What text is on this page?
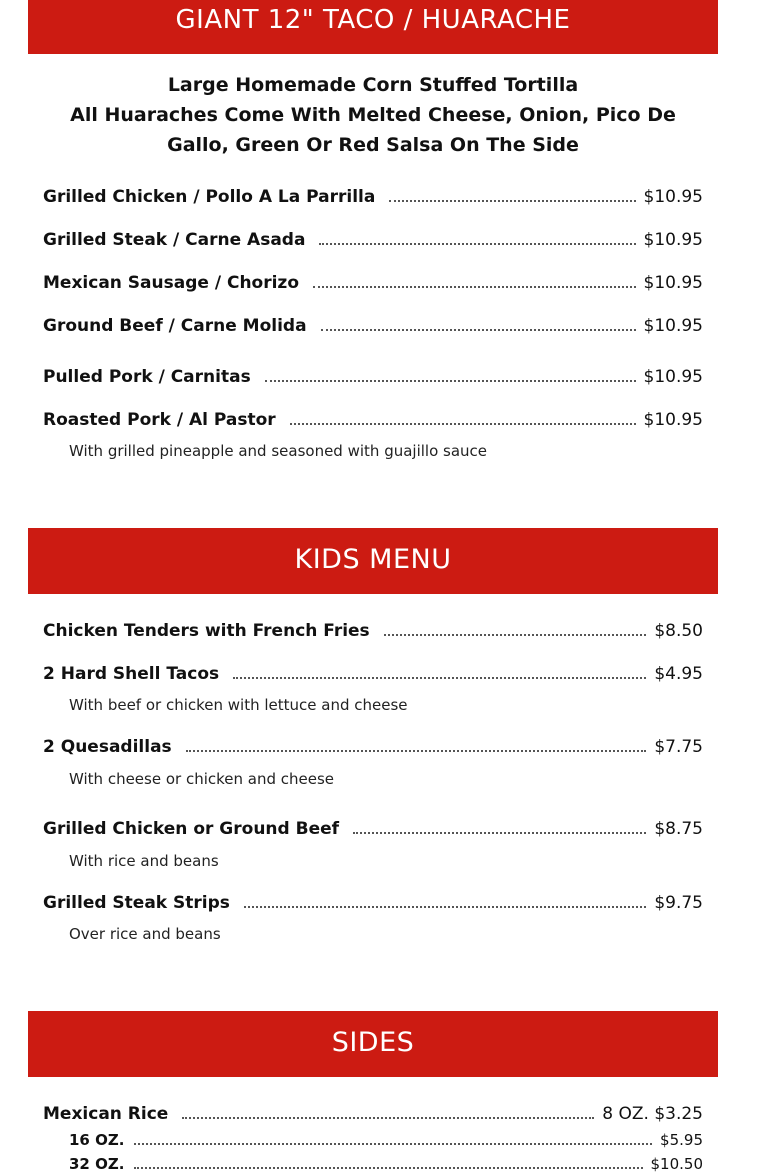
GIANT 12" TACO / HUARACHE
Large Homemade Corn Stuffed Tortilla
All Huaraches Come With Melted Cheese, Onion, Pico De
Gallo, Green Or Red Salsa On The Side
Grilled Chicken / Pollo A La Parrilla	$10.95
Grilled Steak / Carne Asada	$10.95
Mexican Sausage / Chorizo	$10.95
Ground Beef / Carne Molida	$10.95
Pulled Pork / Carnitas	$10.95
Roasted Pork / Al Pastor	$10.95
With grilled pineapple and seasoned with guajillo sauce
KIDS MENU
Chicken Tenders with French Fries	$8.50
2 Hard Shell Tacos	$4.95
With beef or chicken with lettuce and cheese
2 Quesadillas	$7.75
With cheese or chicken and cheese
Grilled Chicken or Ground Beef	$8.75
With rice and beans
Grilled Steak Strips	$9.75
Over rice and beans
SIDES
Mexican Rice	8 OZ. $3.25
16 OZ.	$5.95
32 OZ.	$10.50
